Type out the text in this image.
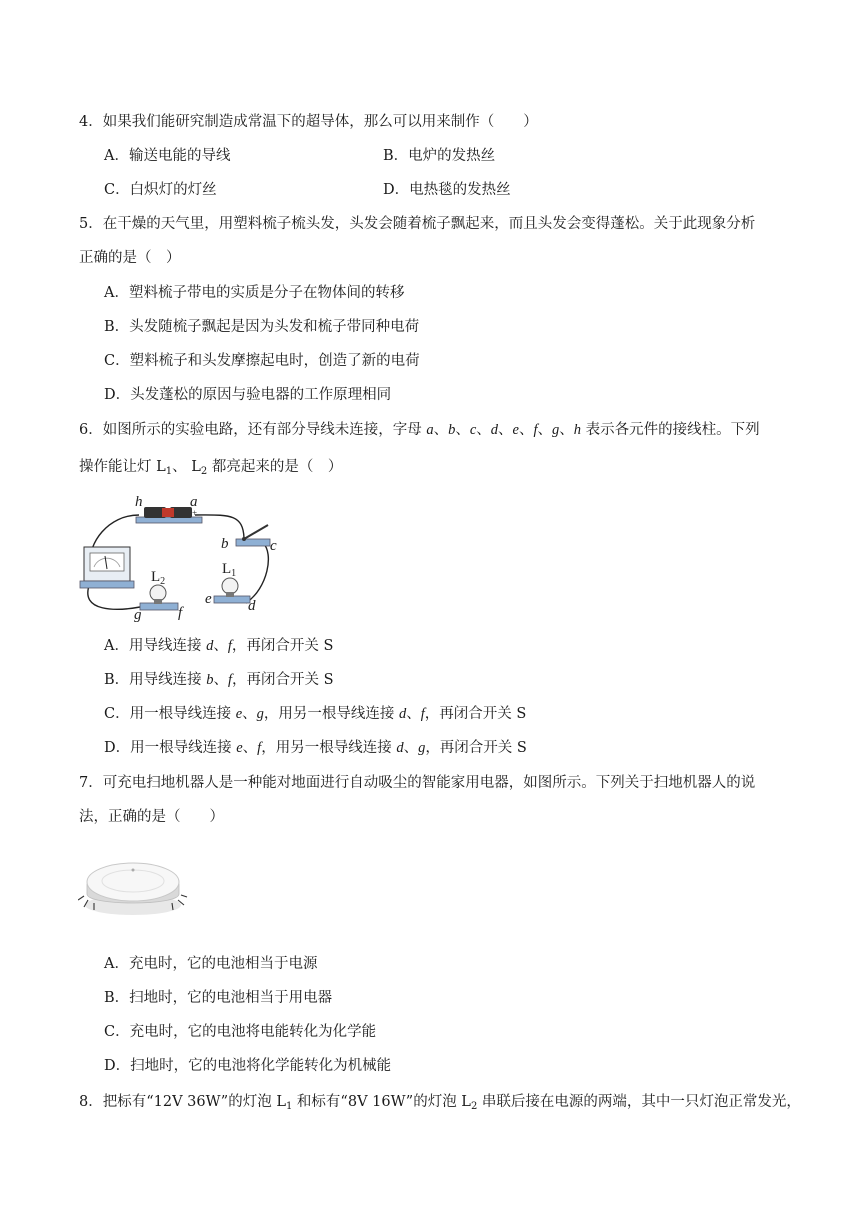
4．如果我们能研究制造成常温下的超导体，那么可以用来制作（　　）
A．输送电能的导线	B．电炉的发热丝
C．白炽灯的灯丝	D．电热毯的发热丝
5．在干燥的天气里，用塑料梳子梳头发，头发会随着梳子飘起来，而且头发会变得蓬松。关于此现象分析
正确的是（　）
A．塑料梳子带电的实质是分子在物体间的转移
B．头发随梳子飘起是因为头发和梳子带同种电荷
C．塑料梳子和头发摩擦起电时，创造了新的电荷
D．头发蓬松的原因与验电器的工作原理相同
6．如图所示的实验电路，还有部分导线未连接，字母 a、b、c、d、e、f、g、h 表示各元件的接线柱。下列
操作能让灯 $L_1$、 $L_2$ 都亮起来的是（　）
h	a
+
b	c
$L_2$
g f
$L_1$
e d
A．用导线连接 d、f，再闭合开关 S
B．用导线连接 b、f，再闭合开关 S
C．用一根导线连接 e、g，用另一根导线连接 d、f，再闭合开关 S
D．用一根导线连接 e、f，用另一根导线连接 d、g，再闭合开关 S
7．可充电扫地机器人是一种能对地面进行自动吸尘的智能家用电器，如图所示。下列关于扫地机器人的说
法，正确的是（　　）
A．充电时，它的电池相当于电源
B．扫地时，它的电池相当于用电器
C．充电时，它的电池将电能转化为化学能
D．扫地时，它的电池将化学能转化为机械能
8．把标有“12V 36W”的灯泡 $L_1$ 和标有“8V 16W”的灯泡 $L_2$ 串联后接在电源的两端，其中一只灯泡正常发光，
